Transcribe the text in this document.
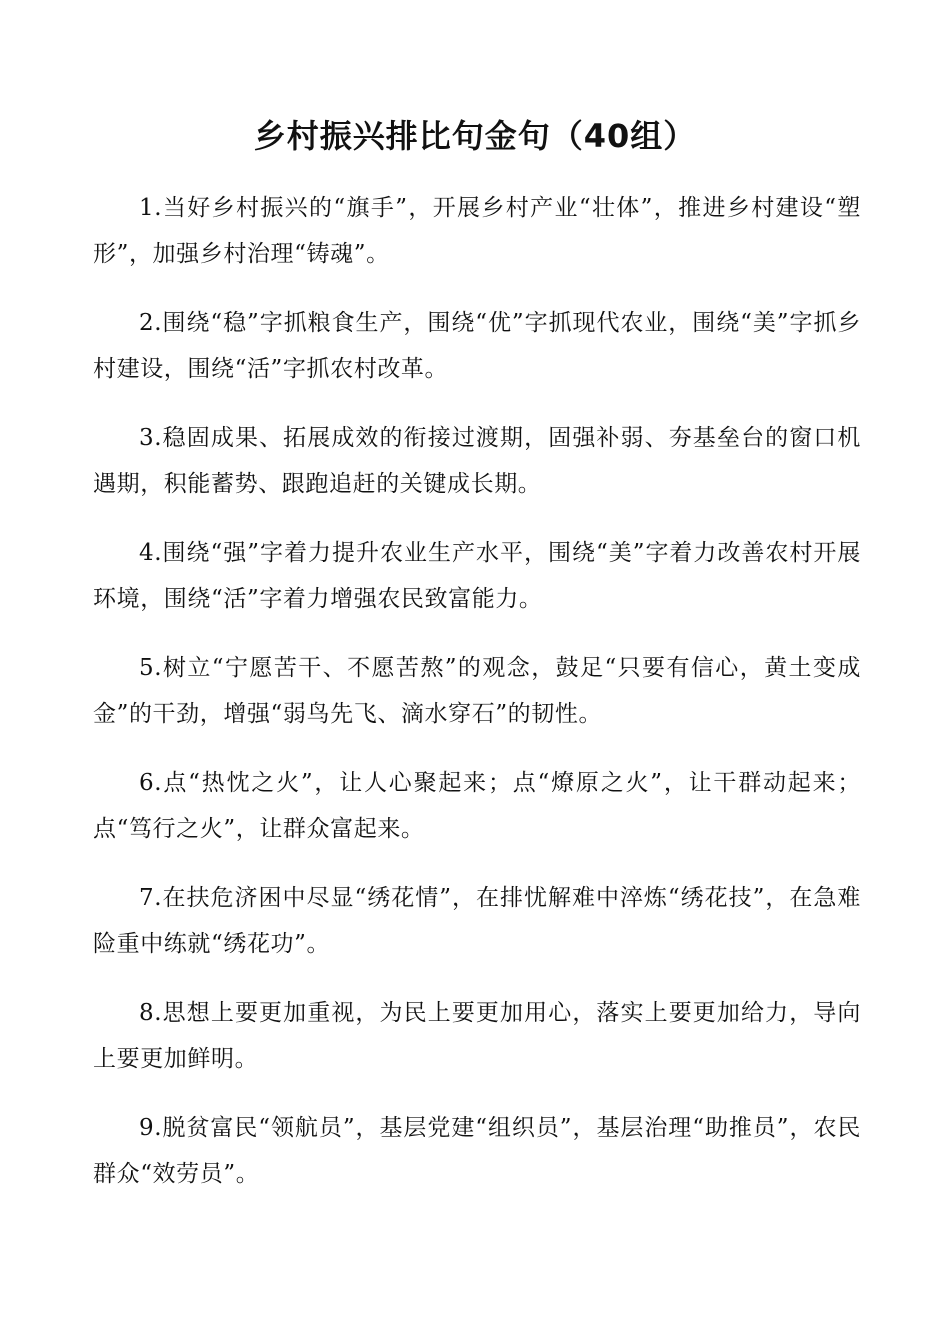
乡村振兴排比句金句（40组）

1.当好乡村振兴的“旗手”，开展乡村产业“壮体”，推进乡村建设“塑形”，加强乡村治理“铸魂”。

2.围绕“稳”字抓粮食生产，围绕“优”字抓现代农业，围绕“美”字抓乡村建设，围绕“活”字抓农村改革。

3.稳固成果、拓展成效的衔接过渡期，固强补弱、夯基垒台的窗口机遇期，积能蓄势、跟跑追赶的关键成长期。

4.围绕“强”字着力提升农业生产水平，围绕“美”字着力改善农村开展环境，围绕“活”字着力增强农民致富能力。

5.树立“宁愿苦干、不愿苦熬”的观念，鼓足“只要有信心，黄土变成金”的干劲，增强“弱鸟先飞、滴水穿石”的韧性。

6.点“热忱之火”，让人心聚起来；点“燎原之火”，让干群动起来；点“笃行之火”，让群众富起来。

7.在扶危济困中尽显“绣花情”，在排忧解难中淬炼“绣花技”，在急难险重中练就“绣花功”。

8.思想上要更加重视，为民上要更加用心，落实上要更加给力，导向上要更加鲜明。

9.脱贫富民“领航员”，基层党建“组织员”，基层治理“助推员”，农民群众“效劳员”。
